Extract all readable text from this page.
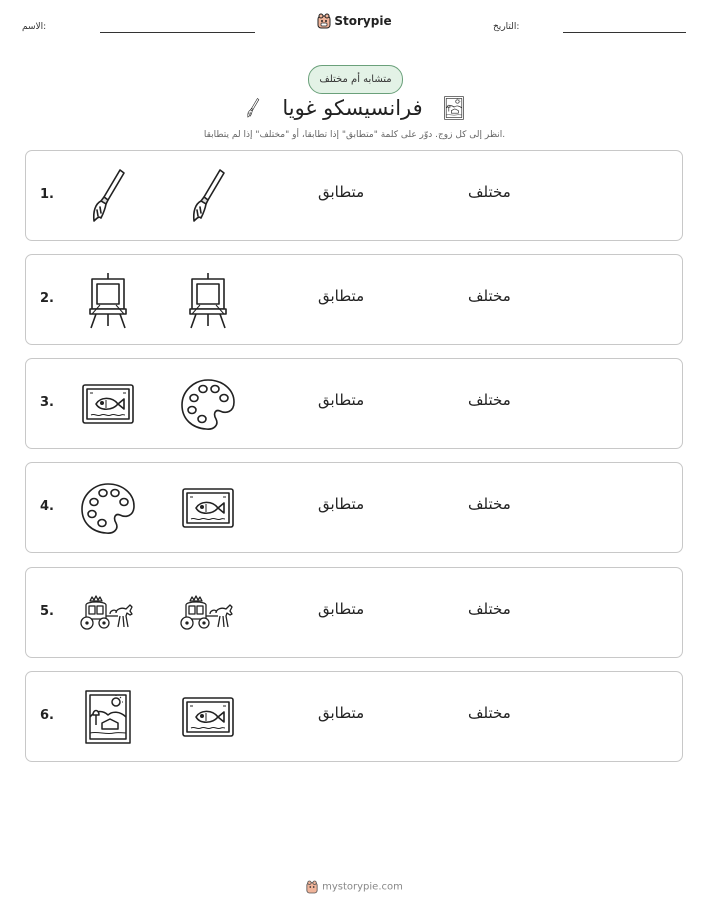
الاسم:	Storypie	التاريخ:
متشابه أم مختلف
فرانسيسكو غويا
انظر إلى كل زوج. دوّر على كلمة "متطابق" إذا تطابقا، أو "مختلف" إذا لم يتطابقا.
1.	متطابق	مختلف
2.	متطابق	مختلف
3.	متطابق	مختلف
4.	متطابق	مختلف
5.	متطابق	مختلف
6.	متطابق	مختلف
mystorypie.com
